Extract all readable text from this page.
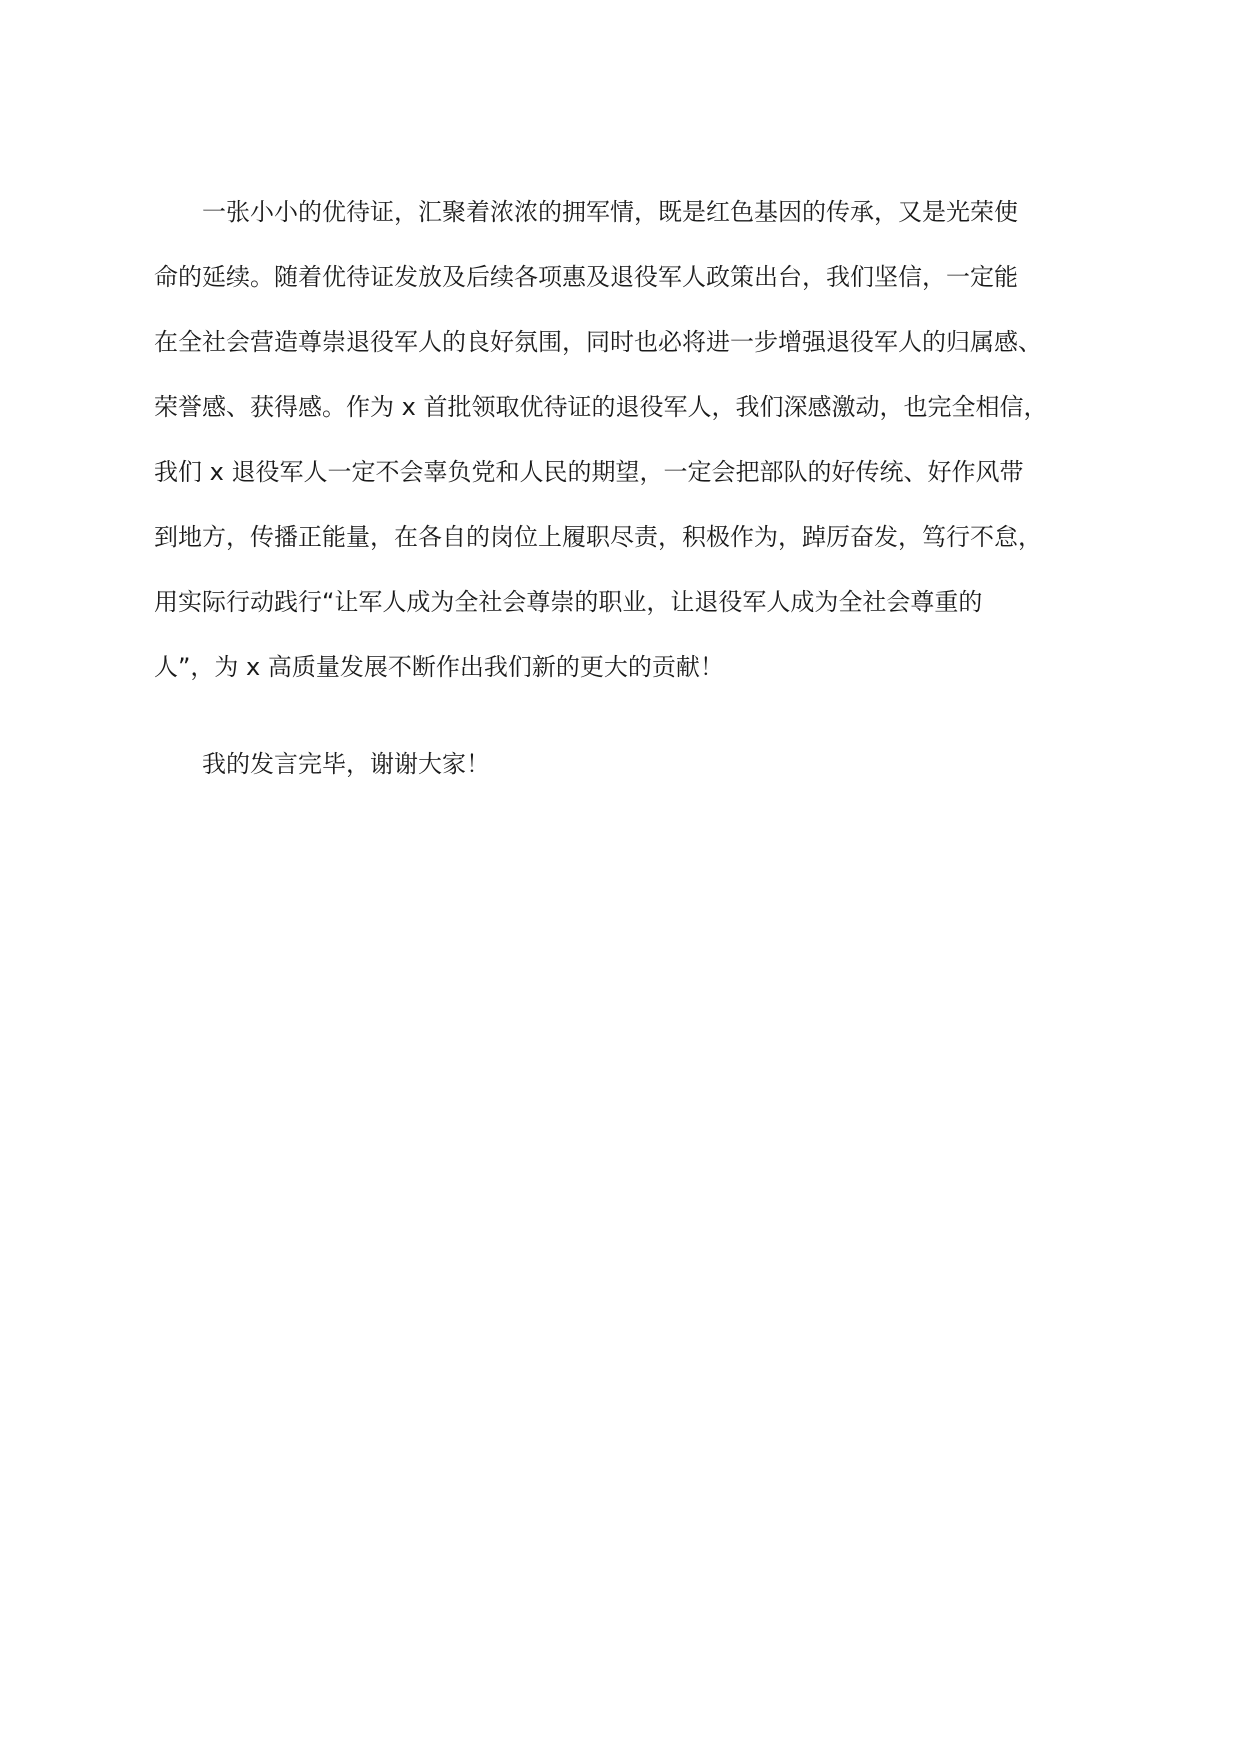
　　一张小小的优待证，汇聚着浓浓的拥军情，既是红色基因的传承，又是光荣使
命的延续。随着优待证发放及后续各项惠及退役军人政策出台，我们坚信，一定能
在全社会营造尊崇退役军人的良好氛围，同时也必将进一步增强退役军人的归属感、
荣誉感、获得感。作为 x 首批领取优待证的退役军人，我们深感激动，也完全相信，
我们 x 退役军人一定不会辜负党和人民的期望，一定会把部队的好传统、好作风带
到地方，传播正能量，在各自的岗位上履职尽责，积极作为，踔厉奋发，笃行不怠，
用实际行动践行“让军人成为全社会尊崇的职业，让退役军人成为全社会尊重的
人”，为 x 高质量发展不断作出我们新的更大的贡献！
　　我的发言完毕，谢谢大家！
